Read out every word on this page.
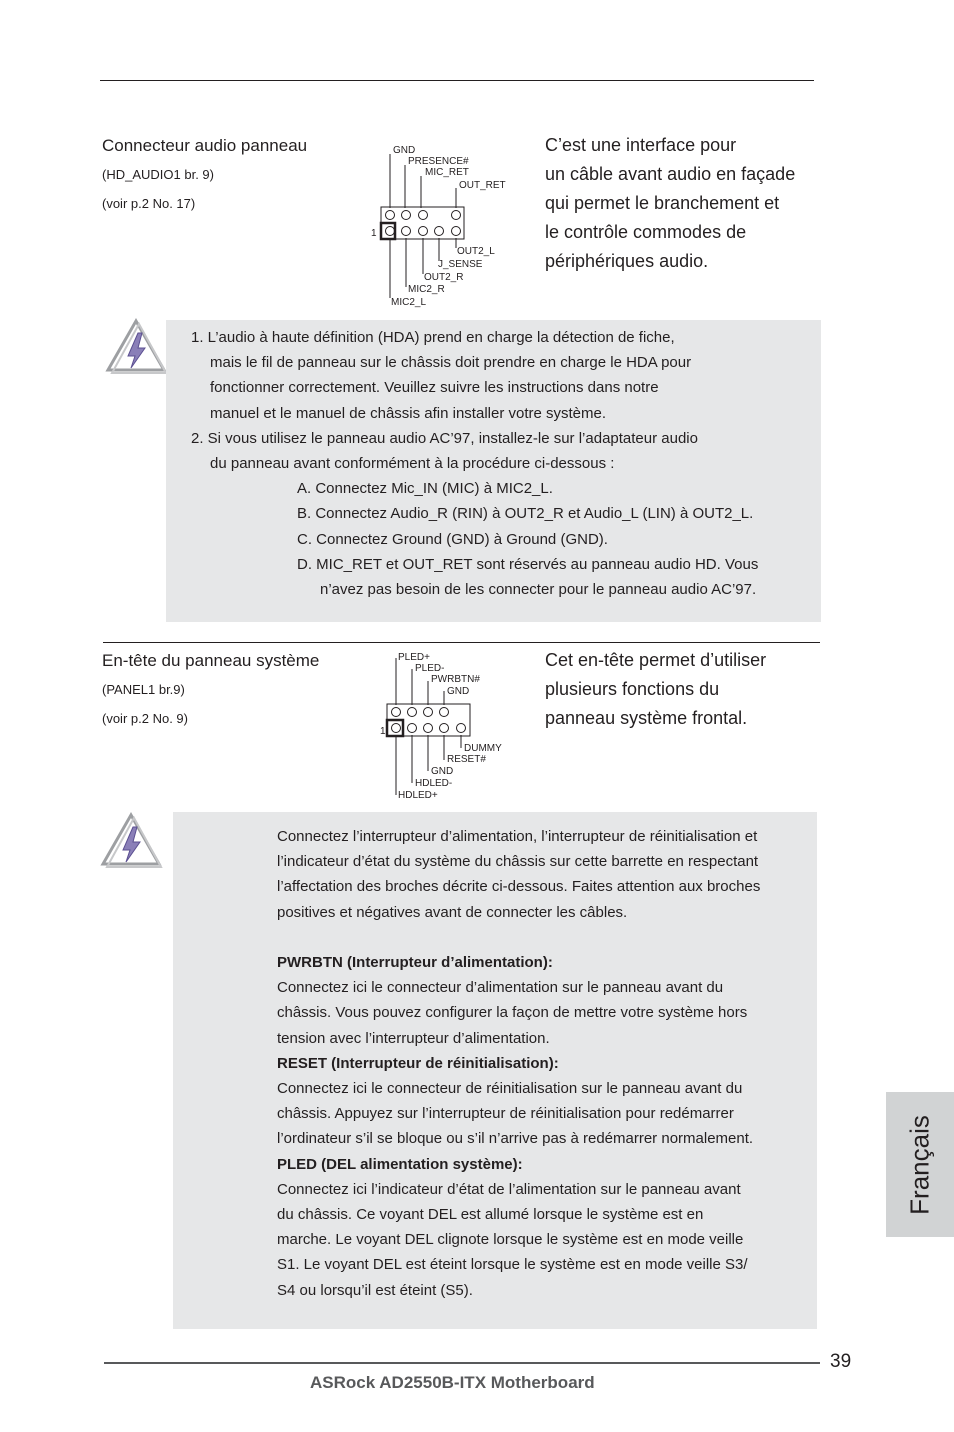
Connecteur audio panneau
(HD_AUDIO1 br. 9)
(voir p.2 No. 17)
GND
PRESENCE#
MIC_RET
OUT_RET
1
OUT2_L
J_SENSE
OUT2_R
MIC2_R
MIC2_L
C’est une interface pour
un câble avant audio en façade
qui permet le branchement et
le contrôle commodes de
périphériques audio.
1. L’audio à haute définition (HDA) prend en charge la détection de fiche,
mais le fil de panneau sur le châssis doit prendre en charge le HDA pour
fonctionner correctement. Veuillez suivre les instructions dans notre
manuel et le manuel de châssis afin installer votre système.
2. Si vous utilisez le panneau audio AC’97, installez-le sur l’adaptateur audio
du panneau avant conformément à la procédure ci-dessous :
A. Connectez Mic_IN (MIC) à MIC2_L.
B. Connectez Audio_R (RIN) à OUT2_R et Audio_L (LIN) à OUT2_L.
C. Connectez Ground (GND) à Ground (GND).
D. MIC_RET et OUT_RET sont réservés au panneau audio HD. Vous
n’avez pas besoin de les connecter pour le panneau audio AC’97.
En-tête du panneau système
(PANEL1 br.9)
(voir p.2 No. 9)
PLED+
PLED-
PWRBTN#
GND
1
DUMMY
RESET#
GND
HDLED-
HDLED+
Cet en-tête permet d’utiliser
plusieurs fonctions du
panneau système frontal.
Connectez l’interrupteur d’alimentation, l’interrupteur de réinitialisation et
l’indicateur d’état du système du châssis sur cette barrette en respectant
l’affectation des broches décrite ci-dessous. Faites attention aux broches
positives et négatives avant de connecter les câbles.
PWRBTN (Interrupteur d’alimentation):
Connectez ici le connecteur d’alimentation sur le panneau avant du
châssis. Vous pouvez configurer la façon de mettre votre système hors
tension avec l’interrupteur d’alimentation.
RESET (Interrupteur de réinitialisation):
Connectez ici le connecteur de réinitialisation sur le panneau avant du
châssis. Appuyez sur l’interrupteur de réinitialisation pour redémarrer
l’ordinateur s’il se bloque ou s’il n’arrive pas à redémarrer normalement.
PLED (DEL alimentation système):
Connectez ici l’indicateur d’état de l’alimentation sur le panneau avant
du châssis. Ce voyant DEL est allumé lorsque le système est en
marche. Le voyant DEL clignote lorsque le système est en mode veille
S1. Le voyant DEL est éteint lorsque le système est en mode veille S3/
S4 ou lorsqu’il est éteint (S5).
Français
39
ASRock AD2550B-ITX Motherboard
